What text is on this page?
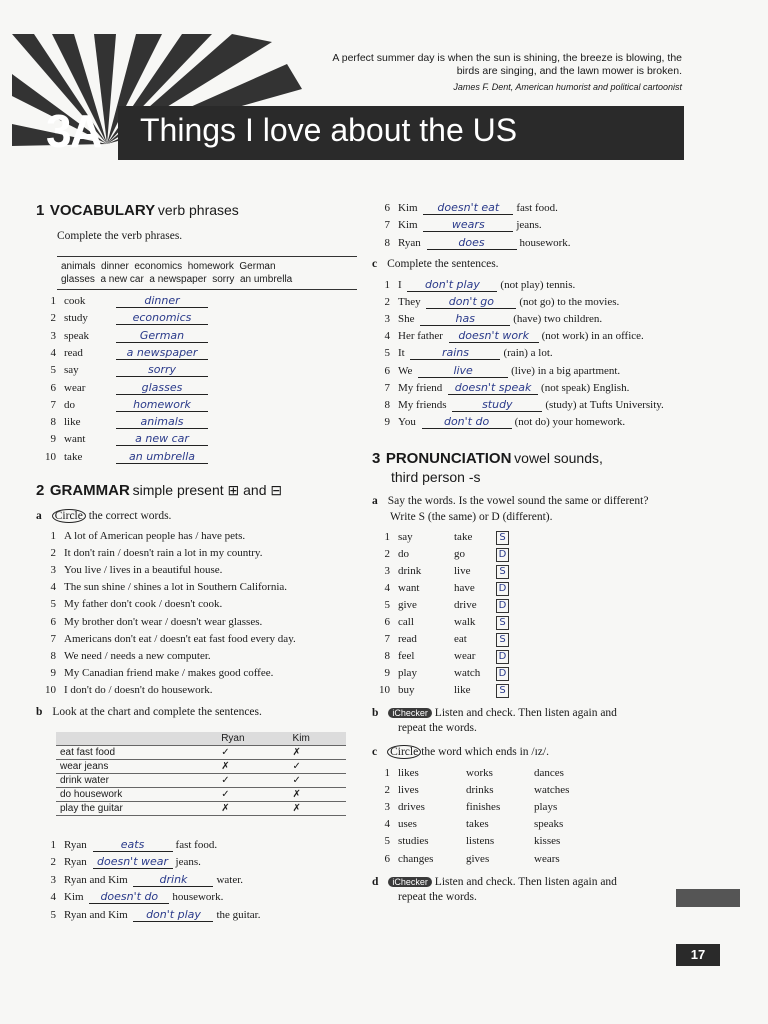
3A Things I love about the US
A perfect summer day is when the sun is shining, the breeze is blowing, the birds are singing, and the lawn mower is broken.
James F. Dent, American humorist and political cartoonist
1 VOCABULARY verb phrases
Complete the verb phrases.
animals  dinner  economics  homework  German
glasses  a new car  a newspaper  sorry  an umbrella
1 cook	dinner
2 study	economics
3 speak	German
4 read	a newspaper
5 say	sorry
6 wear	glasses
7 do	homework
8 like	animals
9 want	a new car
10 take	an umbrella
2 GRAMMAR simple present ⊞ and ⊟
a Circle the correct words.
1 A lot of American people has / have pets.
2 It don't rain / doesn't rain a lot in my country.
3 You live / lives in a beautiful house.
4 The sun shine / shines a lot in Southern California.
5 My father don't cook / doesn't cook.
6 My brother don't wear / doesn't wear glasses.
7 Americans don't eat / doesn't eat fast food every day.
8 We need / needs a new computer.
9 My Canadian friend make / makes good coffee.
10 I don't do / doesn't do housework.
b Look at the chart and complete the sentences.
	Ryan	Kim
eat fast food	✓	✗
wear jeans	✗	✓
drink water	✓	✓
do housework	✓	✗
play the guitar	✗	✗
1 Ryan	eats	fast food.
2 Ryan doesn't wear jeans.
3 Ryan and Kim	drink	water.
4 Kim doesn't do housework.
5 Ryan and Kim don't play the guitar.
6 Kim doesn't eat fast food.
7 Kim	wears	jeans.
8 Ryan	does	housework.
c Complete the sentences.
1 I don't play (not play) tennis.
2 They don't go (not go) to the movies.
3 She	has	(have) two children.
4 Her father doesn't work (not work) in an office.
5 It	rains	(rain) a lot.
6 We	live	(live) in a big apartment.
7 My friend doesn't speak (not speak) English.
8 My friends	study	(study) at Tufts University.
9 You don't do (not do) your homework.
3 PRONUNCIATION vowel sounds,
third person -s
a Say the words. Is the vowel sound the same or different?
Write S (the same) or D (different).
1 say	take	S
2 do	go	D
3 drink	live	S
4 want	have D
5 give	drive D
6 call	walk S
7 read	eat	S
8 feel	wear D
9 play	watch D
10 buy	like	S
b iChecker Listen and check. Then listen again and
repeat the words.
c Circle the word which ends in /ɪz/.
1 likes	works	dances
2 lives	drinks	watches
3 drives	finishes	plays
4 uses	takes	speaks
5 studies	listens	kisses
6 changes	gives	wears
d iChecker Listen and check. Then listen again and
repeat the words.
17
